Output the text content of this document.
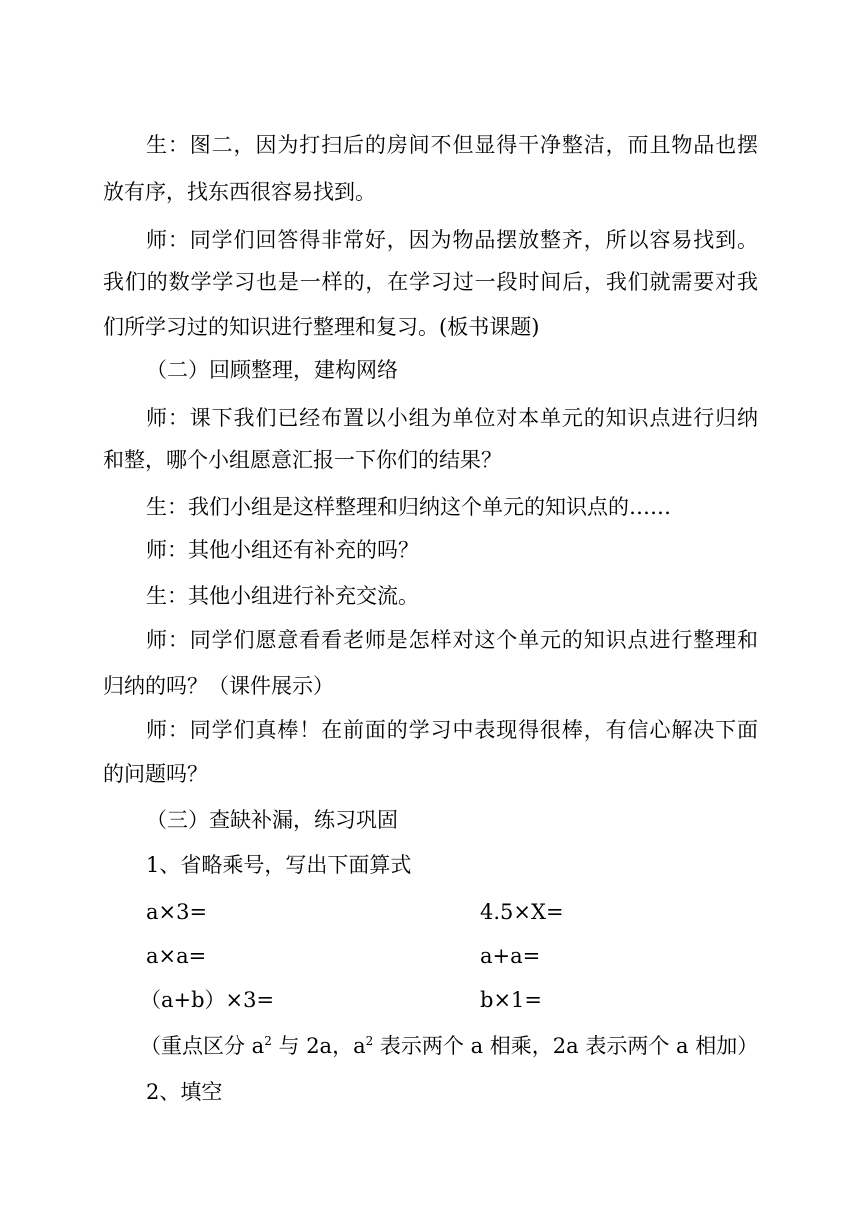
生：图二，因为打扫后的房间不但显得干净整洁，而且物品也摆
放有序，找东西很容易找到。
师：同学们回答得非常好，因为物品摆放整齐，所以容易找到。
我们的数学学习也是一样的，在学习过一段时间后，我们就需要对我
们所学习过的知识进行整理和复习。(板书课题)
（二）回顾整理，建构网络
师：课下我们已经布置以小组为单位对本单元的知识点进行归纳
和整，哪个小组愿意汇报一下你们的结果？
生：我们小组是这样整理和归纳这个单元的知识点的……
师：其他小组还有补充的吗？
生：其他小组进行补充交流。
师：同学们愿意看看老师是怎样对这个单元的知识点进行整理和
归纳的吗？（课件展示）
师：同学们真棒！在前面的学习中表现得很棒，有信心解决下面
的问题吗？
（三）查缺补漏，练习巩固
1、省略乘号，写出下面算式
a×3=	4.5×X=
a×a=	a+a=
（a+b）×3=	b×1=
（重点区分 $a^2$ 与 2a，$a^2$ 表示两个 a 相乘，2a 表示两个 a 相加）
2、填空
